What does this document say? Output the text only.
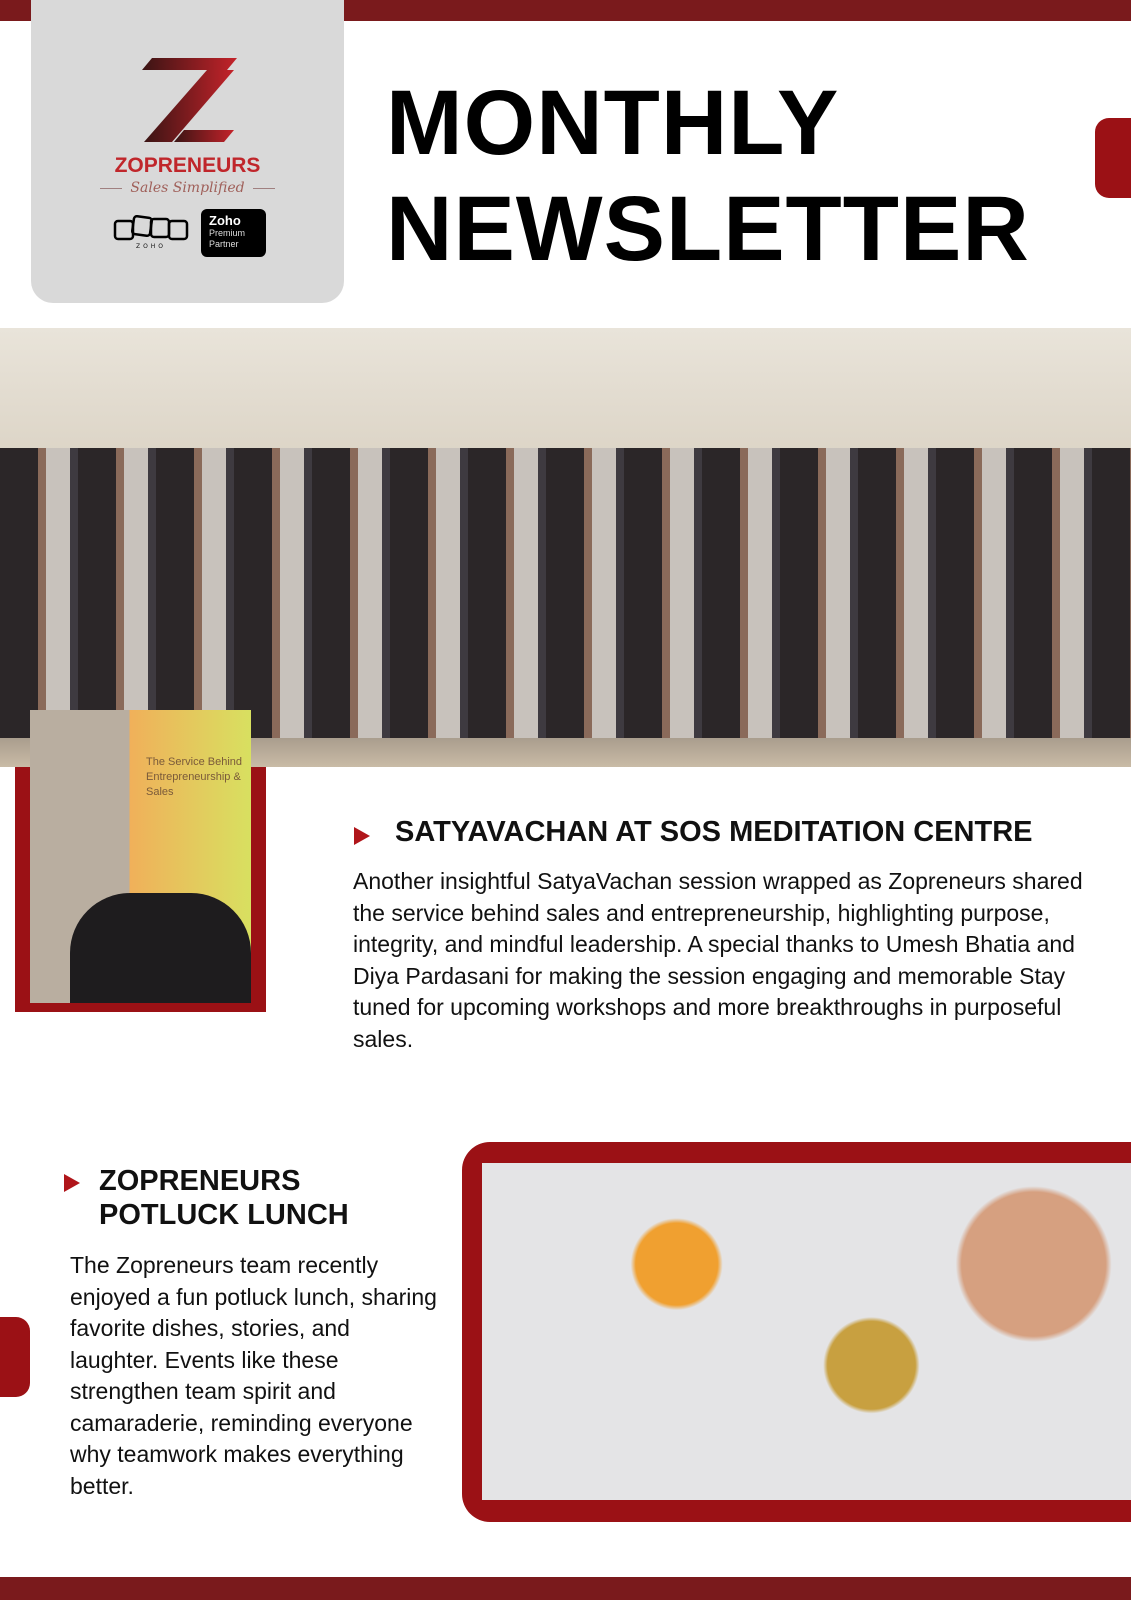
ZOPRENEURS
Sales Simplified
ZOHO
Zoho
Premium
Partner
MONTHLY
NEWSLETTER
The Service Behind Entrepreneurship & Sales
SATYAVACHAN AT SOS MEDITATION CENTRE
Another insightful SatyaVachan session wrapped as Zopreneurs shared the service behind sales and entrepreneurship, highlighting purpose, integrity, and mindful leadership. A special thanks to Umesh Bhatia and Diya Pardasani for making the session engaging and memorable Stay tuned for upcoming workshops and more breakthroughs in purposeful sales.
ZOPRENEURS
POTLUCK LUNCH
The Zopreneurs team recently enjoyed a fun potluck lunch, sharing favorite dishes, stories, and laughter. Events like these strengthen team spirit and camaraderie, reminding everyone why teamwork makes everything better.
